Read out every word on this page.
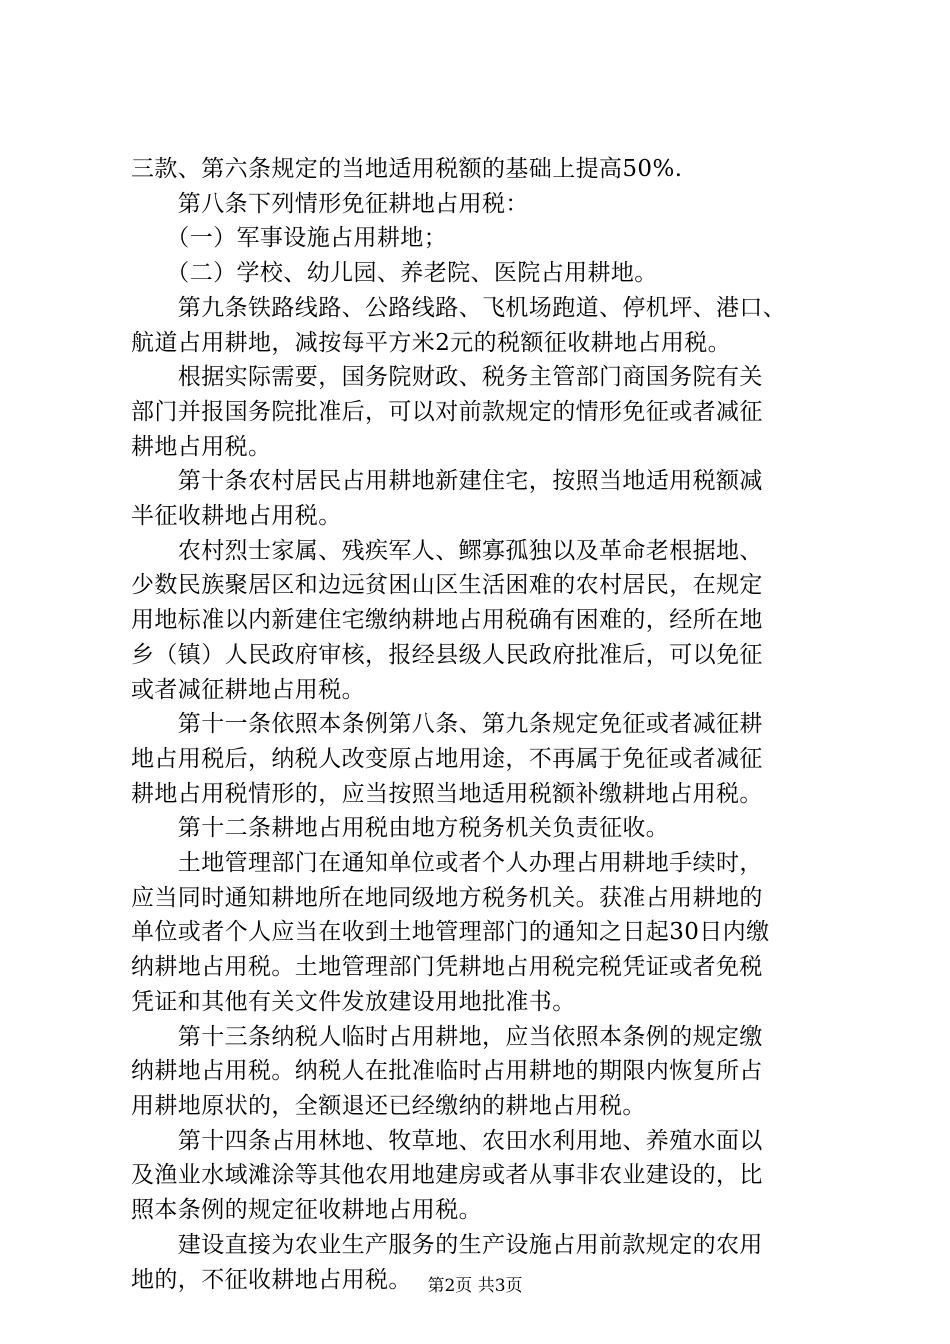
三款、第六条规定的当地适用税额的基础上提高50%.

　　第八条下列情形免征耕地占用税：

　　（一）军事设施占用耕地；

　　（二）学校、幼儿园、养老院、医院占用耕地。

　　第九条铁路线路、公路线路、飞机场跑道、停机坪、港口、

航道占用耕地，减按每平方米2元的税额征收耕地占用税。

　　根据实际需要，国务院财政、税务主管部门商国务院有关

部门并报国务院批准后，可以对前款规定的情形免征或者减征

耕地占用税。

　　第十条农村居民占用耕地新建住宅，按照当地适用税额减

半征收耕地占用税。

　　农村烈士家属、残疾军人、鳏寡孤独以及革命老根据地、

少数民族聚居区和边远贫困山区生活困难的农村居民，在规定

用地标准以内新建住宅缴纳耕地占用税确有困难的，经所在地

乡（镇）人民政府审核，报经县级人民政府批准后，可以免征

或者减征耕地占用税。

　　第十一条依照本条例第八条、第九条规定免征或者减征耕

地占用税后，纳税人改变原占地用途，不再属于免征或者减征

耕地占用税情形的，应当按照当地适用税额补缴耕地占用税。

　　第十二条耕地占用税由地方税务机关负责征收。

　　土地管理部门在通知单位或者个人办理占用耕地手续时，

应当同时通知耕地所在地同级地方税务机关。获准占用耕地的

单位或者个人应当在收到土地管理部门的通知之日起30日内缴

纳耕地占用税。土地管理部门凭耕地占用税完税凭证或者免税

凭证和其他有关文件发放建设用地批准书。

　　第十三条纳税人临时占用耕地，应当依照本条例的规定缴

纳耕地占用税。纳税人在批准临时占用耕地的期限内恢复所占

用耕地原状的，全额退还已经缴纳的耕地占用税。

　　第十四条占用林地、牧草地、农田水利用地、养殖水面以

及渔业水域滩涂等其他农用地建房或者从事非农业建设的，比

照本条例的规定征收耕地占用税。

　　建设直接为农业生产服务的生产设施占用前款规定的农用

地的，不征收耕地占用税。 第2页 共3页
